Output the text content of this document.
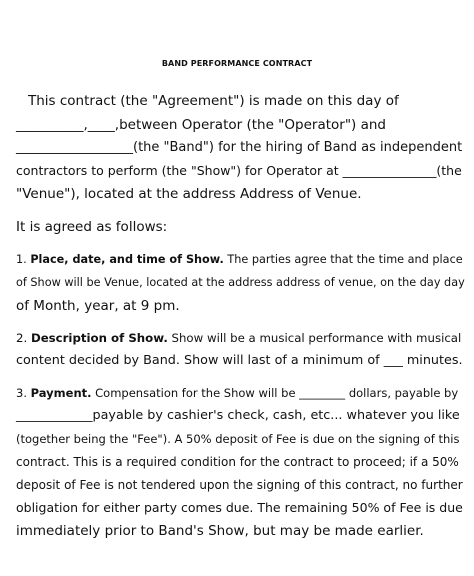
BAND PERFORMANCE CONTRACT
This contract (the "Agreement") is made on this day of
__________,____,between Operator (the "Operator") and
__________________(the "Band") for the hiring of Band as independent
contractors to perform (the "Show") for Operator at _______________(the
"Venue"), located at the address Address of Venue.
It is agreed as follows:
1. Place, date, and time of Show. The parties agree that the time and place
of Show will be Venue, located at the address address of venue, on the day day
of Month, year, at 9 pm.
2. Description of Show. Show will be a musical performance with musical
content decided by Band. Show will last of a minimum of ___ minutes.
3. Payment. Compensation for the Show will be ________ dollars, payable by
____________payable by cashier's check, cash, etc... whatever you like
(together being the "Fee"). A 50% deposit of Fee is due on the signing of this
contract. This is a required condition for the contract to proceed; if a 50%
deposit of Fee is not tendered upon the signing of this contract, no further
obligation for either party comes due. The remaining 50% of Fee is due
immediately prior to Band's Show, but may be made earlier.
